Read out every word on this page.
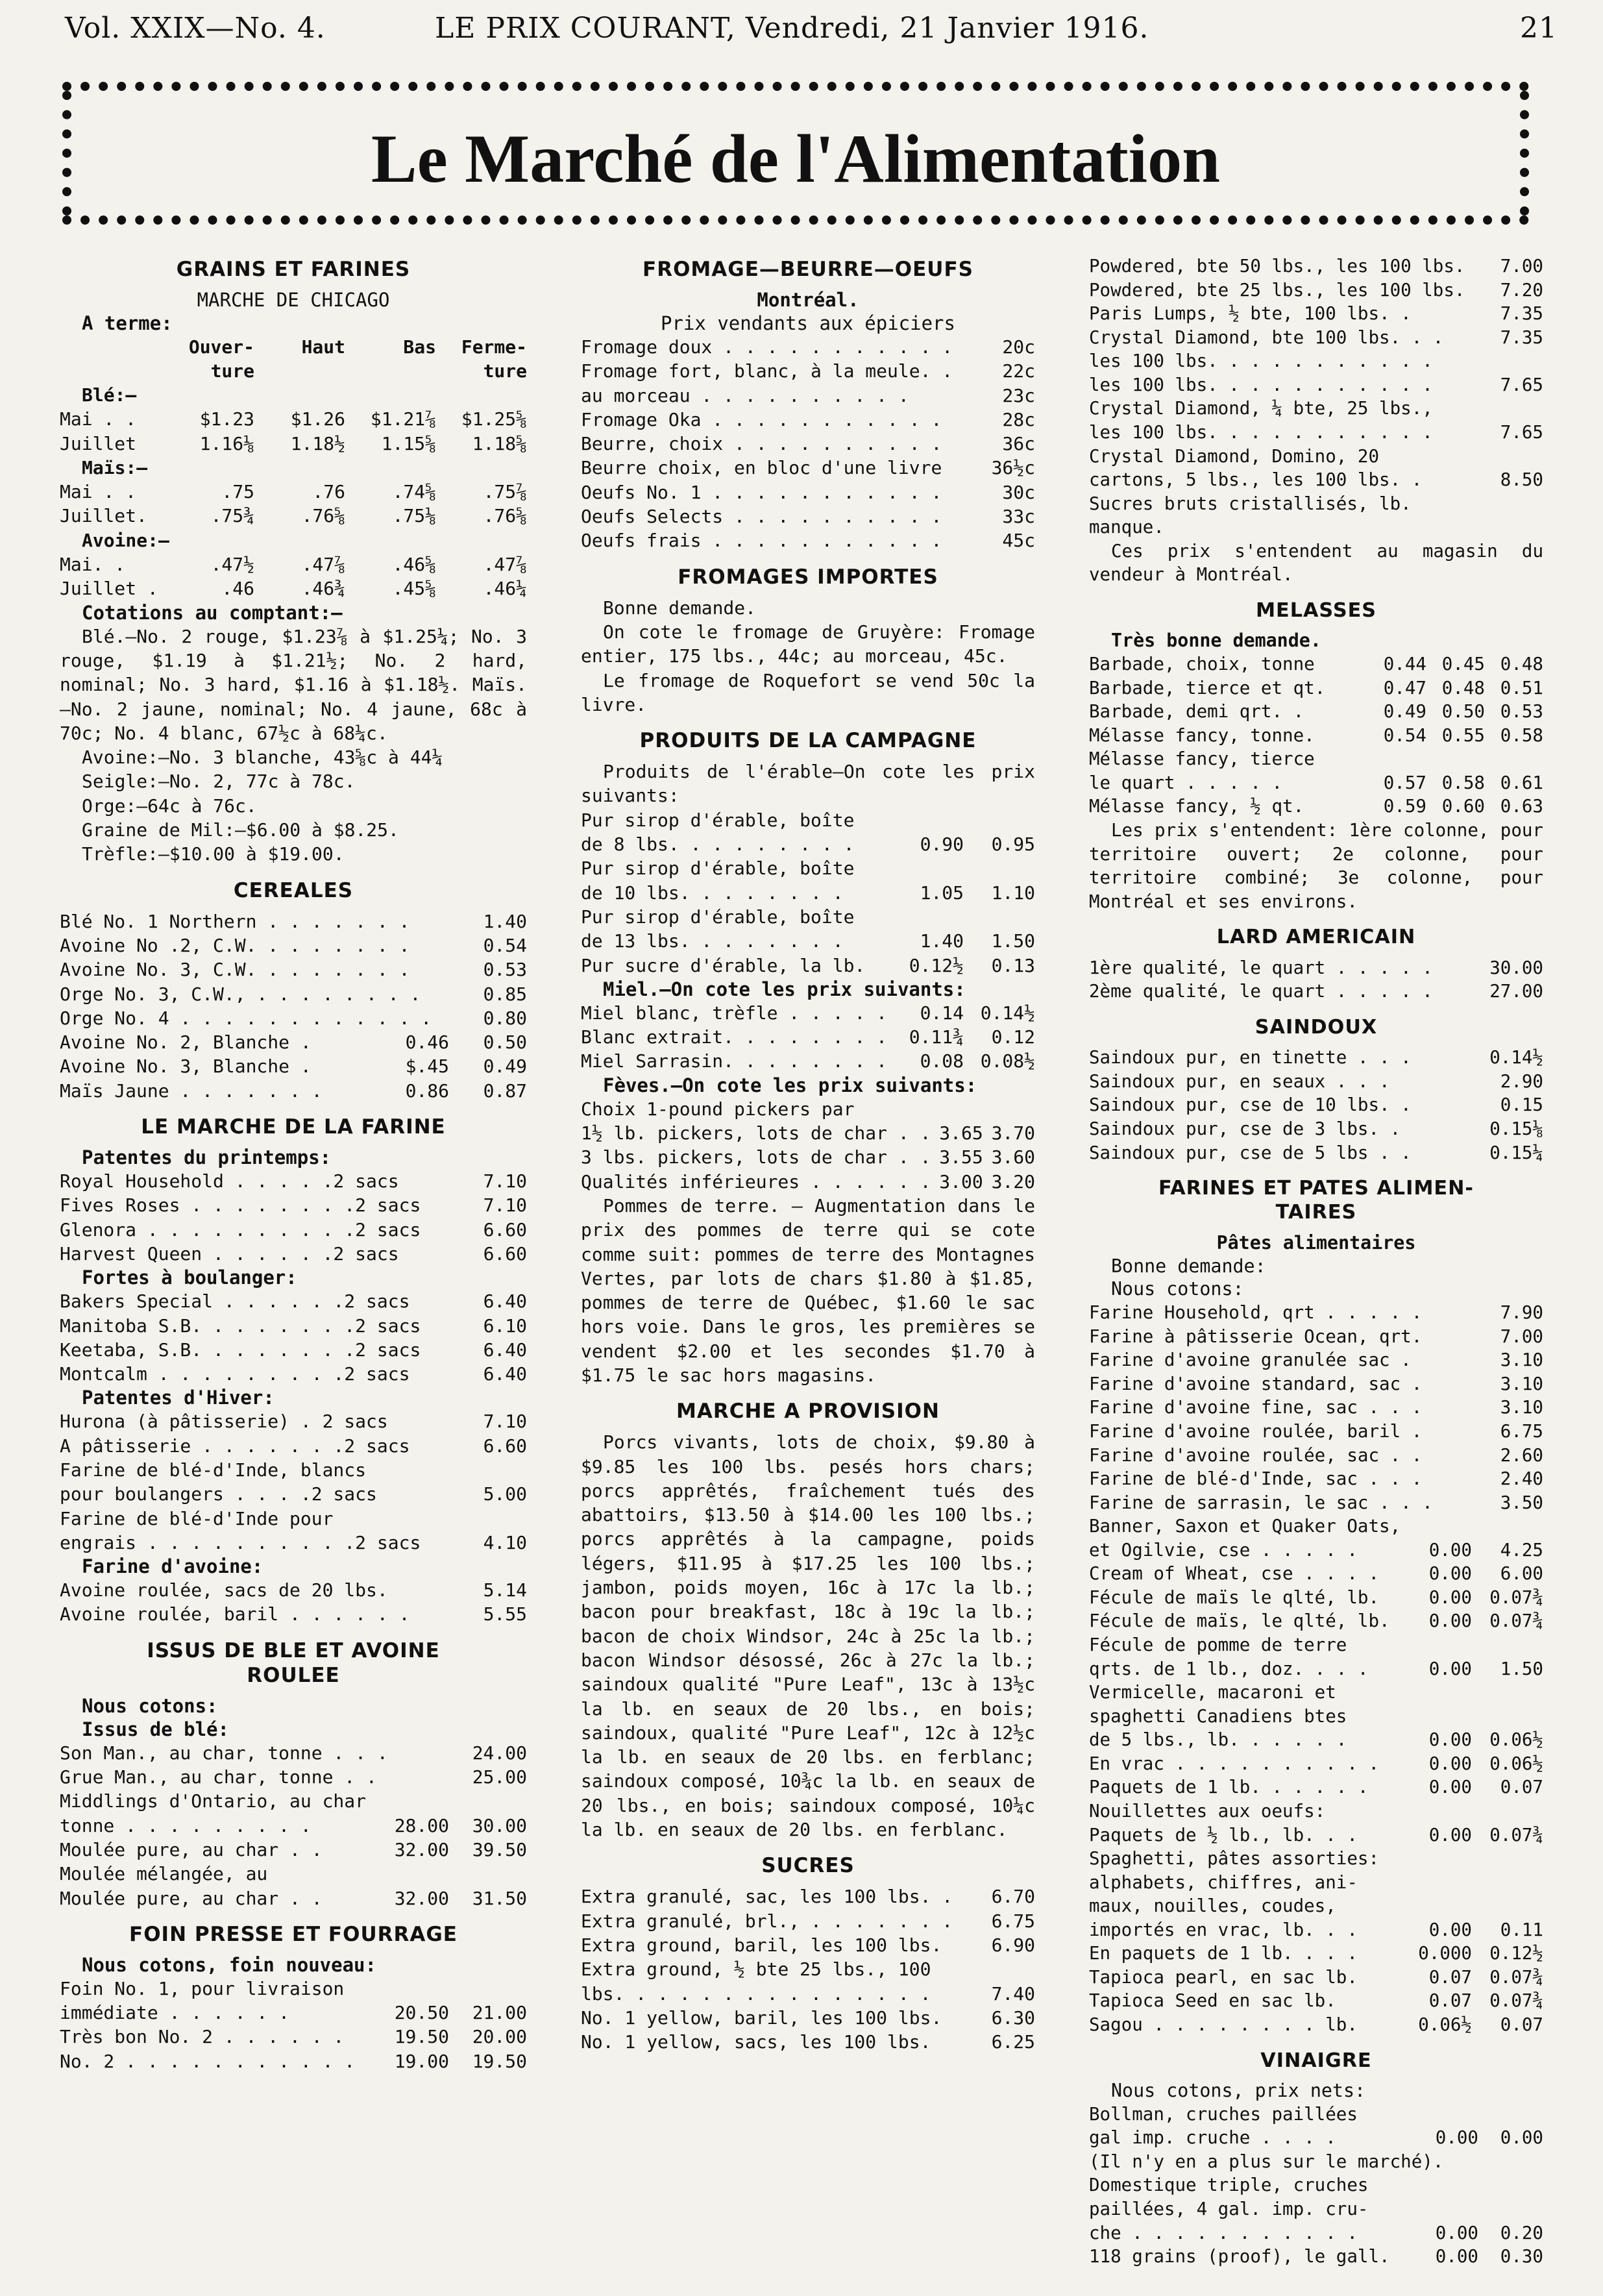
Vol. XXIX—No. 4.	LE PRIX COURANT, Vendredi, 21 Janvier 1916.	21
Le Marché de l'Alimentation
GRAINS ET FARINES
MARCHE DE CHICAGO
A terme:
Ouver-
ture
Haut	Bas	Ferme-
ture
Blé:—
Mai . .	$1.23	$1.26	$1.21⅞	$1.25⅝
Juillet	1.16⅛	1.18½	1.15⅝	1.18⅝
Maïs:—
Mai . .	.75	.76	.74⅝	.75⅞
Juillet.	.75¾	.76⅝	.75⅛	.76⅝
Avoine:—
Mai. .	.47½	.47⅞	.46⅝	.47⅞
Juillet .	.46	.46¾	.45⅝	.46¼
Cotations au comptant:—
Blé.—No. 2 rouge, $1.23⅞ à $1.25¼; No. 3 rouge, $1.19 à $1.21½; No. 2 hard, nominal; No. 3 hard, $1.16 à $1.18½. Maïs.—No. 2 jaune, nominal; No. 4 jaune, 68c à 70c; No. 4 blanc, 67½c à 68¼c.
Avoine:—No. 3 blanche, 43⅝c à 44¼
Seigle:—No. 2, 77c à 78c.
Orge:—64c à 76c.
Graine de Mil:—$6.00 à $8.25.
Trèfle:—$10.00 à $19.00.
CEREALES
Blé No. 1 Northern . . . . . . .	1.40
Avoine No .2, C.W. . . . . . . .	0.54
Avoine No. 3, C.W. . . . . . . .	0.53
Orge No. 3, C.W., . . . . . . . .	0.85
Orge No. 4 . . . . . . . . . . . .	0.80
Avoine No. 2, Blanche .	0.46	0.50
Avoine No. 3, Blanche .	$.45	0.49
Maïs Jaune . . . . . . .	0.86	0.87
LE MARCHE DE LA FARINE
Patentes du printemps:
Royal Household . . . . .2 sacs	7.10
Fives Roses . . . . . . . .2 sacs	7.10
Glenora . . . . . . . . . .2 sacs	6.60
Harvest Queen . . . . . .2 sacs	6.60
Fortes à boulanger:
Bakers Special . . . . . .2 sacs	6.40
Manitoba S.B. . . . . . . .2 sacs	6.10
Keetaba, S.B. . . . . . . .2 sacs	6.40
Montcalm . . . . . . . . .2 sacs	6.40
Patentes d'Hiver:
Hurona (à pâtisserie) . 2 sacs	7.10
A pâtisserie . . . . . . .2 sacs	6.60
Farine de blé-d'Inde, blancs
pour boulangers . . . .2 sacs	5.00
Farine de blé-d'Inde pour
engrais . . . . . . . . . .2 sacs	4.10
Farine d'avoine:
Avoine roulée, sacs de 20 lbs.	5.14
Avoine roulée, baril . . . . . .	5.55
ISSUS DE BLE ET AVOINE
ROULEE
Nous cotons:
Issus de blé:
Son Man., au char, tonne . . .	24.00
Grue Man., au char, tonne . .	25.00
Middlings d'Ontario, au char
tonne . . . . . . . . .	28.00	30.00
Moulée pure, au char . .	32.00	39.50
Moulée mélangée, au
Moulée pure, au char . .	32.00	31.50
FOIN PRESSE ET FOURRAGE
Nous cotons, foin nouveau:
Foin No. 1, pour livraison
immédiate . . . . . .	20.50	21.00
Très bon No. 2 . . . . . .	19.50	20.00
No. 2 . . . . . . . . . . .	19.00	19.50
FROMAGE—BEURRE—OEUFS
Montréal.
Prix vendants aux épiciers
Fromage doux . . . . . . . . . . .	20c
Fromage fort, blanc, à la meule. .	22c
au morceau . . . . . . . . . .	23c
Fromage Oka . . . . . . . . . . .	28c
Beurre, choix . . . . . . . . . .	36c
Beurre choix, en bloc d'une livre	36½c
Oeufs No. 1 . . . . . . . . . . .	30c
Oeufs Selects . . . . . . . . . .	33c
Oeufs frais . . . . . . . . . . .	45c
FROMAGES IMPORTES
Bonne demande.
On cote le fromage de Gruyère: Fromage entier, 175 lbs., 44c; au morceau, 45c.
Le fromage de Roquefort se vend 50c la livre.
PRODUITS DE LA CAMPAGNE
Produits de l'érable—On cote les prix suivants:
Pur sirop d'érable, boîte
de 8 lbs. . . . . . . . .	0.90	0.95
Pur sirop d'érable, boîte
de 10 lbs. . . . . . . .	1.05	1.10
Pur sirop d'érable, boîte
de 13 lbs. . . . . . . .	1.40	1.50
Pur sucre d'érable, la lb.	0.12½	0.13
Miel.—On cote les prix suivants:
Miel blanc, trèfle . . . . .	0.14 0.14½
Blanc extrait. . . . . . . .	0.11¾	0.12
Miel Sarrasin. . . . . . . .	0.08 0.08½
Fèves.—On cote les prix suivants:
Choix 1-pound pickers par
1½ lb. pickers, lots de char . . 3.65 3.70
3 lbs. pickers, lots de char . . 3.55 3.60
Qualités inférieures . . . . . . 3.00 3.20
Pommes de terre. — Augmentation dans le prix des pommes de terre qui se cote comme suit: pommes de terre des Montagnes Vertes, par lots de chars $1.80 à $1.85, pommes de terre de Québec, $1.60 le sac hors voie. Dans le gros, les premières se vendent $2.00 et les secondes $1.70 à $1.75 le sac hors magasins.
MARCHE A PROVISION
Porcs vivants, lots de choix, $9.80 à $9.85 les 100 lbs. pesés hors chars; porcs apprêtés, fraîchement tués des abattoirs, $13.50 à $14.00 les 100 lbs.; porcs apprêtés à la campagne, poids légers, $11.95 à $17.25 les 100 lbs.; jambon, poids moyen, 16c à 17c la lb.; bacon pour breakfast, 18c à 19c la lb.; bacon de choix Windsor, 24c à 25c la lb.; bacon Windsor désossé, 26c à 27c la lb.; saindoux qualité "Pure Leaf", 13c à 13½c la lb. en seaux de 20 lbs., en bois; saindoux, qualité "Pure Leaf", 12c à 12½c la lb. en seaux de 20 lbs. en ferblanc; saindoux composé, 10¾c la lb. en seaux de 20 lbs., en bois; saindoux composé, 10¼c la lb. en seaux de 20 lbs. en ferblanc.
SUCRES
Extra granulé, sac, les 100 lbs. .	6.70
Extra granulé, brl., . . . . . . .	6.75
Extra ground, baril, les 100 lbs.	6.90
Extra ground, ½ bte 25 lbs., 100
lbs. . . . . . . . . . . . . . .	7.40
No. 1 yellow, baril, les 100 lbs.	6.30
No. 1 yellow, sacs, les 100 lbs.	6.25
Powdered, bte 50 lbs., les 100 lbs.	7.00
Powdered, bte 25 lbs., les 100 lbs.	7.20
Paris Lumps, ½ bte, 100 lbs. .	7.35
Crystal Diamond, bte 100 lbs. . .	7.35
les 100 lbs. . . . . . . . . . .
les 100 lbs. . . . . . . . . . .	7.65
Crystal Diamond, ¼ bte, 25 lbs.,
les 100 lbs. . . . . . . . . . .	7.65
Crystal Diamond, Domino, 20
cartons, 5 lbs., les 100 lbs. .	8.50
Sucres bruts cristallisés, lb.
manque.
Ces prix s'entendent au magasin du vendeur à Montréal.
MELASSES
Très bonne demande.
Barbade, choix, tonne	0.44 0.45 0.48
Barbade, tierce et qt.	0.47 0.48 0.51
Barbade, demi qrt. .	0.49 0.50 0.53
Mélasse fancy, tonne.	0.54 0.55 0.58
Mélasse fancy, tierce
le quart . . . . .	0.57 0.58 0.61
Mélasse fancy, ½ qt.	0.59 0.60 0.63
Les prix s'entendent: 1ère colonne, pour territoire ouvert; 2e colonne, pour territoire combiné; 3e colonne, pour Montréal et ses environs.
LARD AMERICAIN
1ère qualité, le quart . . . . .	30.00
2ème qualité, le quart . . . . .	27.00
SAINDOUX
Saindoux pur, en tinette . . .	0.14½
Saindoux pur, en seaux . . .	2.90
Saindoux pur, cse de 10 lbs. .	0.15
Saindoux pur, cse de 3 lbs. .	0.15⅛
Saindoux pur, cse de 5 lbs . .	0.15¼
FARINES ET PATES ALIMEN-
TAIRES
Pâtes alimentaires
Bonne demande:
Nous cotons:
Farine Household, qrt . . . . .	7.90
Farine à pâtisserie Ocean, qrt.	7.00
Farine d'avoine granulée sac .	3.10
Farine d'avoine standard, sac .	3.10
Farine d'avoine fine, sac . . .	3.10
Farine d'avoine roulée, baril .	6.75
Farine d'avoine roulée, sac . .	2.60
Farine de blé-d'Inde, sac . . .	2.40
Farine de sarrasin, le sac . . .	3.50
Banner, Saxon et Quaker Oats,
et Ogilvie, cse . . . . .	0.00	4.25
Cream of Wheat, cse . . . .	0.00	6.00
Fécule de maïs le qlté, lb.	0.00 0.07¾
Fécule de maïs, le qlté, lb.	0.00 0.07¾
Fécule de pomme de terre
qrts. de 1 lb., doz. . . .	0.00	1.50
Vermicelle, macaroni et
spaghetti Canadiens btes
de 5 lbs., lb. . . . . .	0.00 0.06½
En vrac . . . . . . . . . .	0.00 0.06½
Paquets de 1 lb. . . . . .	0.00	0.07
Nouillettes aux oeufs:
Paquets de ½ lb., lb. . .	0.00 0.07¾
Spaghetti, pâtes assorties:
alphabets, chiffres, ani-
maux, nouilles, coudes,
importés en vrac, lb. . .	0.00	0.11
En paquets de 1 lb. . . .	0.000 0.12½
Tapioca pearl, en sac lb.	0.07 0.07¾
Tapioca Seed en sac lb.	0.07 0.07¾
Sagou . . . . . . . . lb.	0.06½	0.07
VINAIGRE
Nous cotons, prix nets:
Bollman, cruches paillées
gal imp. cruche . . . .	0.00	0.00
(Il n'y en a plus sur le marché).
Domestique triple, cruches
paillées, 4 gal. imp. cru-
che . . . . . . . . . . .	0.00	0.20
118 grains (proof), le gall.	0.00	0.30
